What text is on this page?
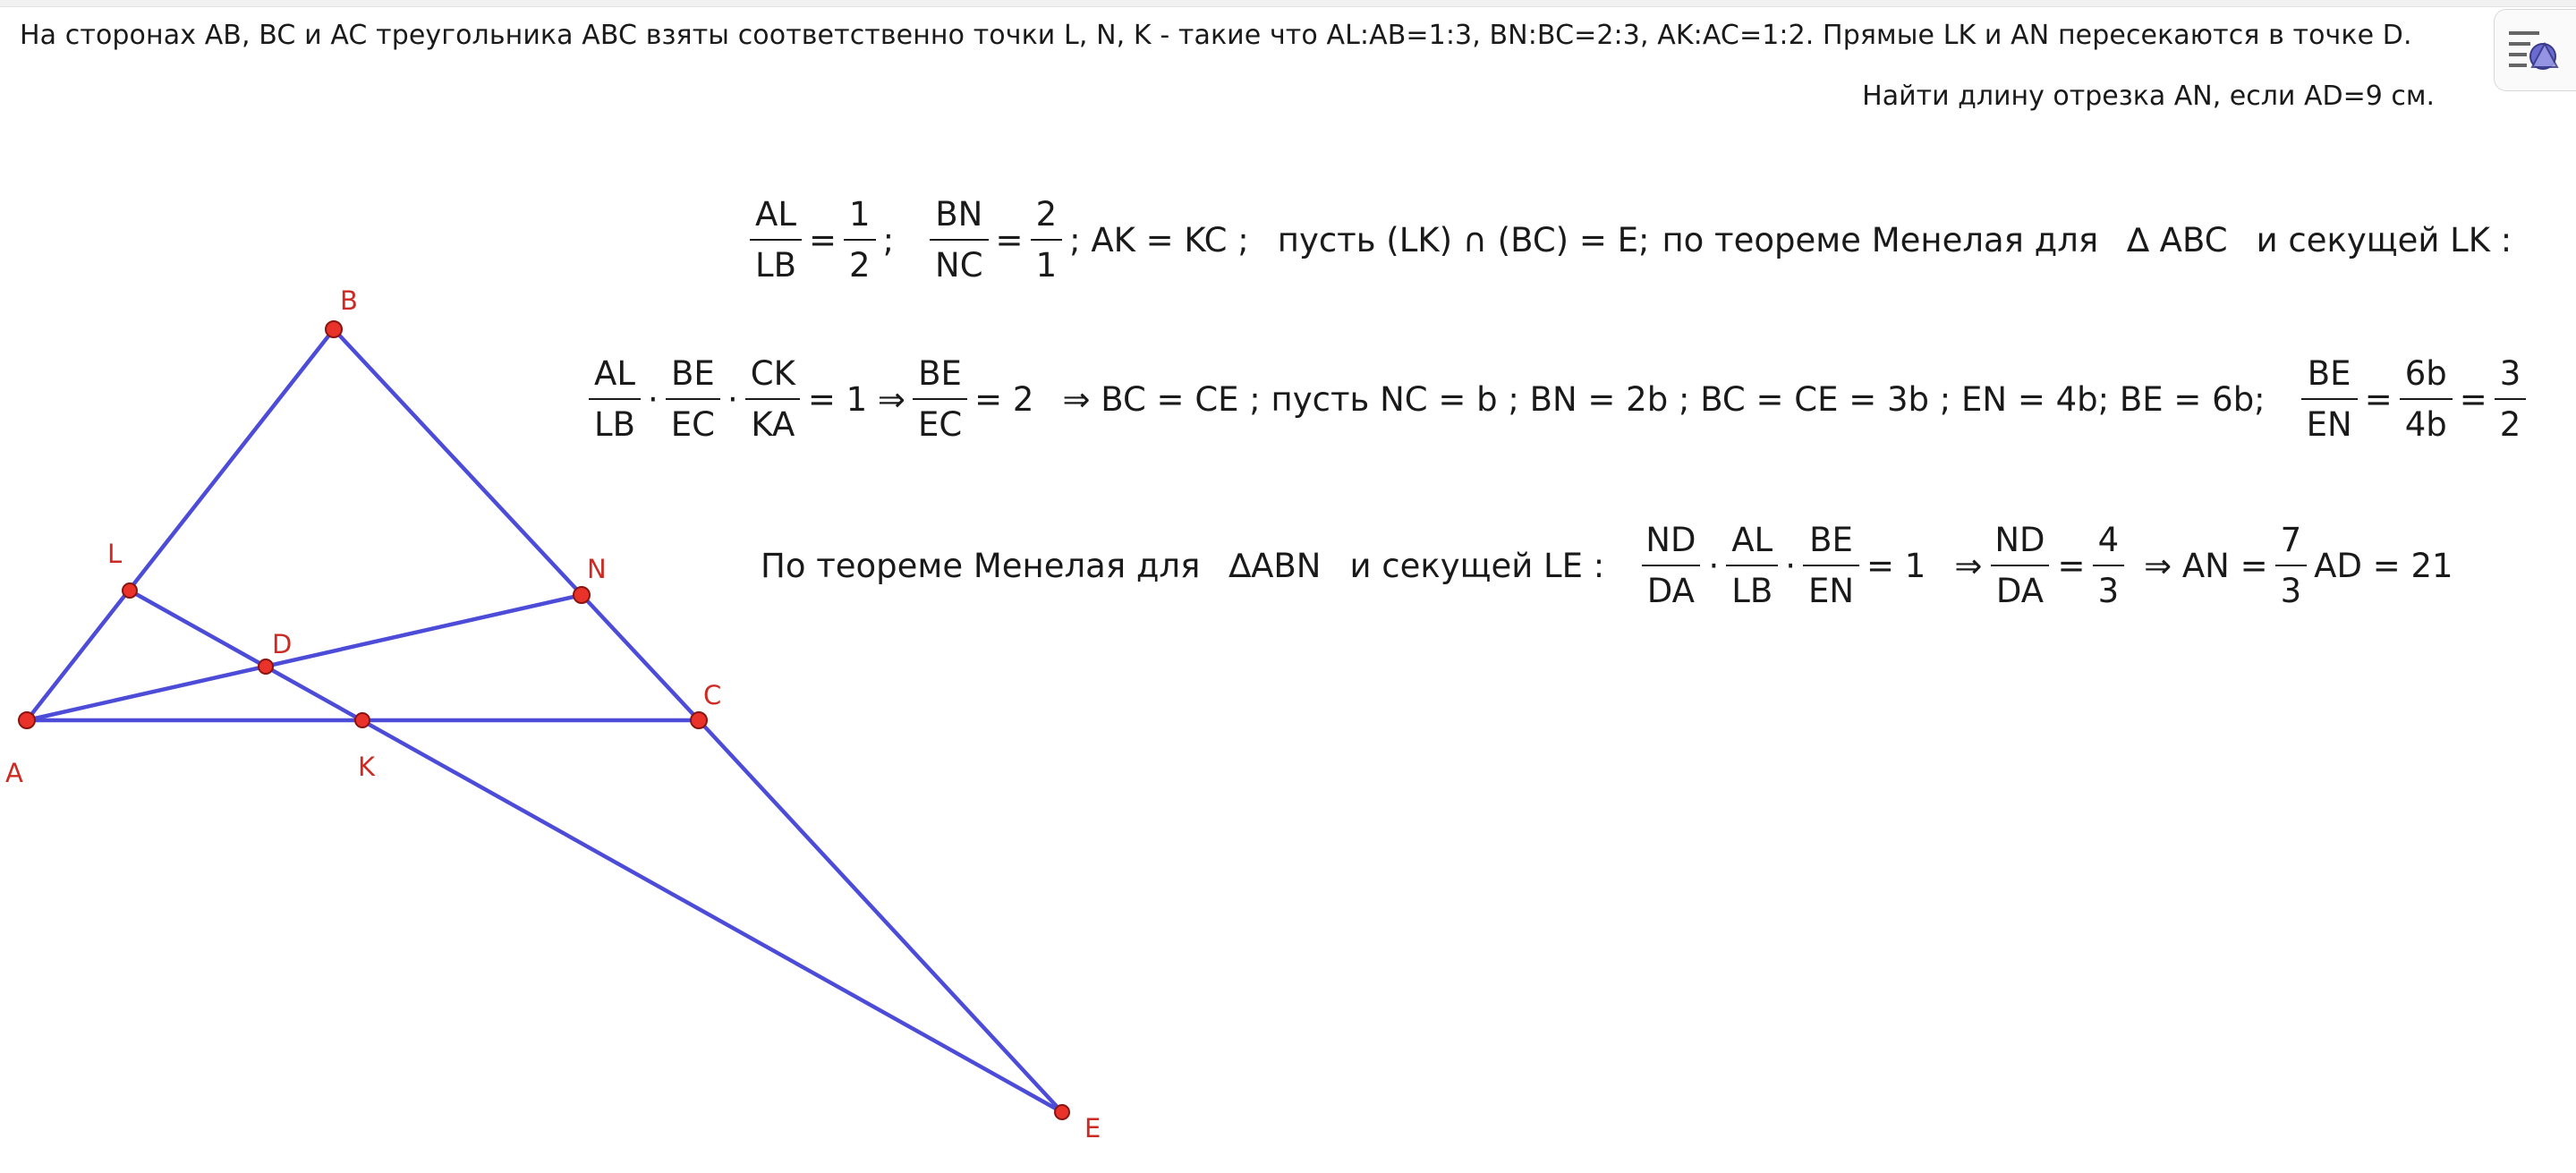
На сторонах AB, BC и AC треугольника ABC взяты соответственно точки L, N, K - такие что AL:AB=1:3, BN:BC=2:3, AK:AC=1:2. Прямые LK и AN пересекаются в точке D.
Найти длину отрезка AN, если AD=9 см.
A
B
C
L	N
D
K
E
$\frac{AL}{LB} = \frac{1}{2}$ ; $\frac{BN}{NC} = \frac{2}{1}$ ; AK = KC ; пусть (LK) ∩ (BC) = E; по теореме Менелая для ∆ ABC и секущей LK :
$\frac{AL}{LB} \cdot \frac{BE}{EC} \cdot \frac{CK}{KA} = 1$ ⇒ $\frac{BE}{EC} = 2$ ⇒ BC = CE ; пусть NC = b ; BN = 2b ; BC = CE = 3b ; EN = 4b; BE = 6b; $\frac{BE}{EN} = \frac{6b}{4b} = \frac{3}{2}$
По теореме Менелая для ∆ABN и секущей LE : $\frac{ND}{DA} \cdot \frac{AL}{LB} \cdot \frac{BE}{EN} = 1$ ⇒ $\frac{ND}{DA} = \frac{4}{3}$ ⇒ AN = $\frac{7}{3}$ AD = 21
